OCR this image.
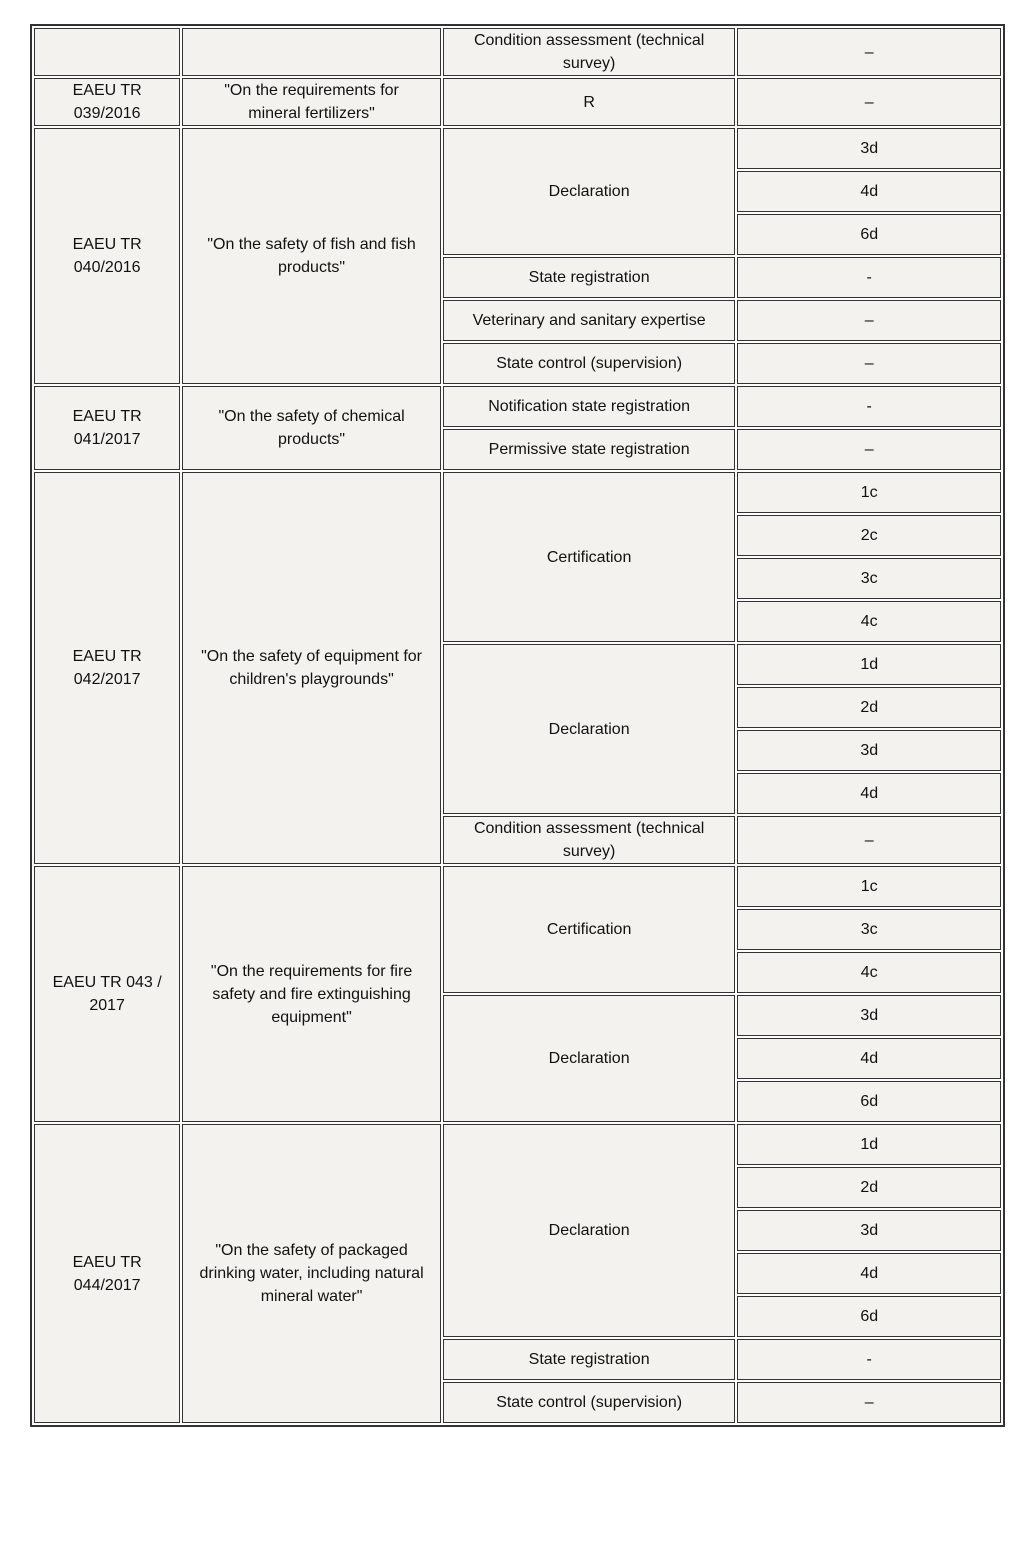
		Condition assessment (technical survey)	–
EAEU TR 039/2016	"On the requirements for mineral fertilizers"	R	–
EAEU TR 040/2016	"On the safety of fish and fish products"	Declaration	3d
			4d
			6d
		State registration	-
		Veterinary and sanitary expertise	–
		State control (supervision)	–
EAEU TR 041/2017	"On the safety of chemical products"	Notification state registration	-
		Permissive state registration	–
EAEU TR 042/2017	"On the safety of equipment for children's playgrounds"	Certification	1c
			2c
			3c
			4c
		Declaration	1d
			2d
			3d
			4d
		Condition assessment (technical survey)	–
EAEU TR 043 / 2017	"On the requirements for fire safety and fire extinguishing equipment"	Certification	1c
			3c
			4c
		Declaration	3d
			4d
			6d
EAEU TR 044/2017	"On the safety of packaged drinking water, including natural mineral water"	Declaration	1d
			2d
			3d
			4d
			6d
		State registration	-
		State control (supervision)	–
